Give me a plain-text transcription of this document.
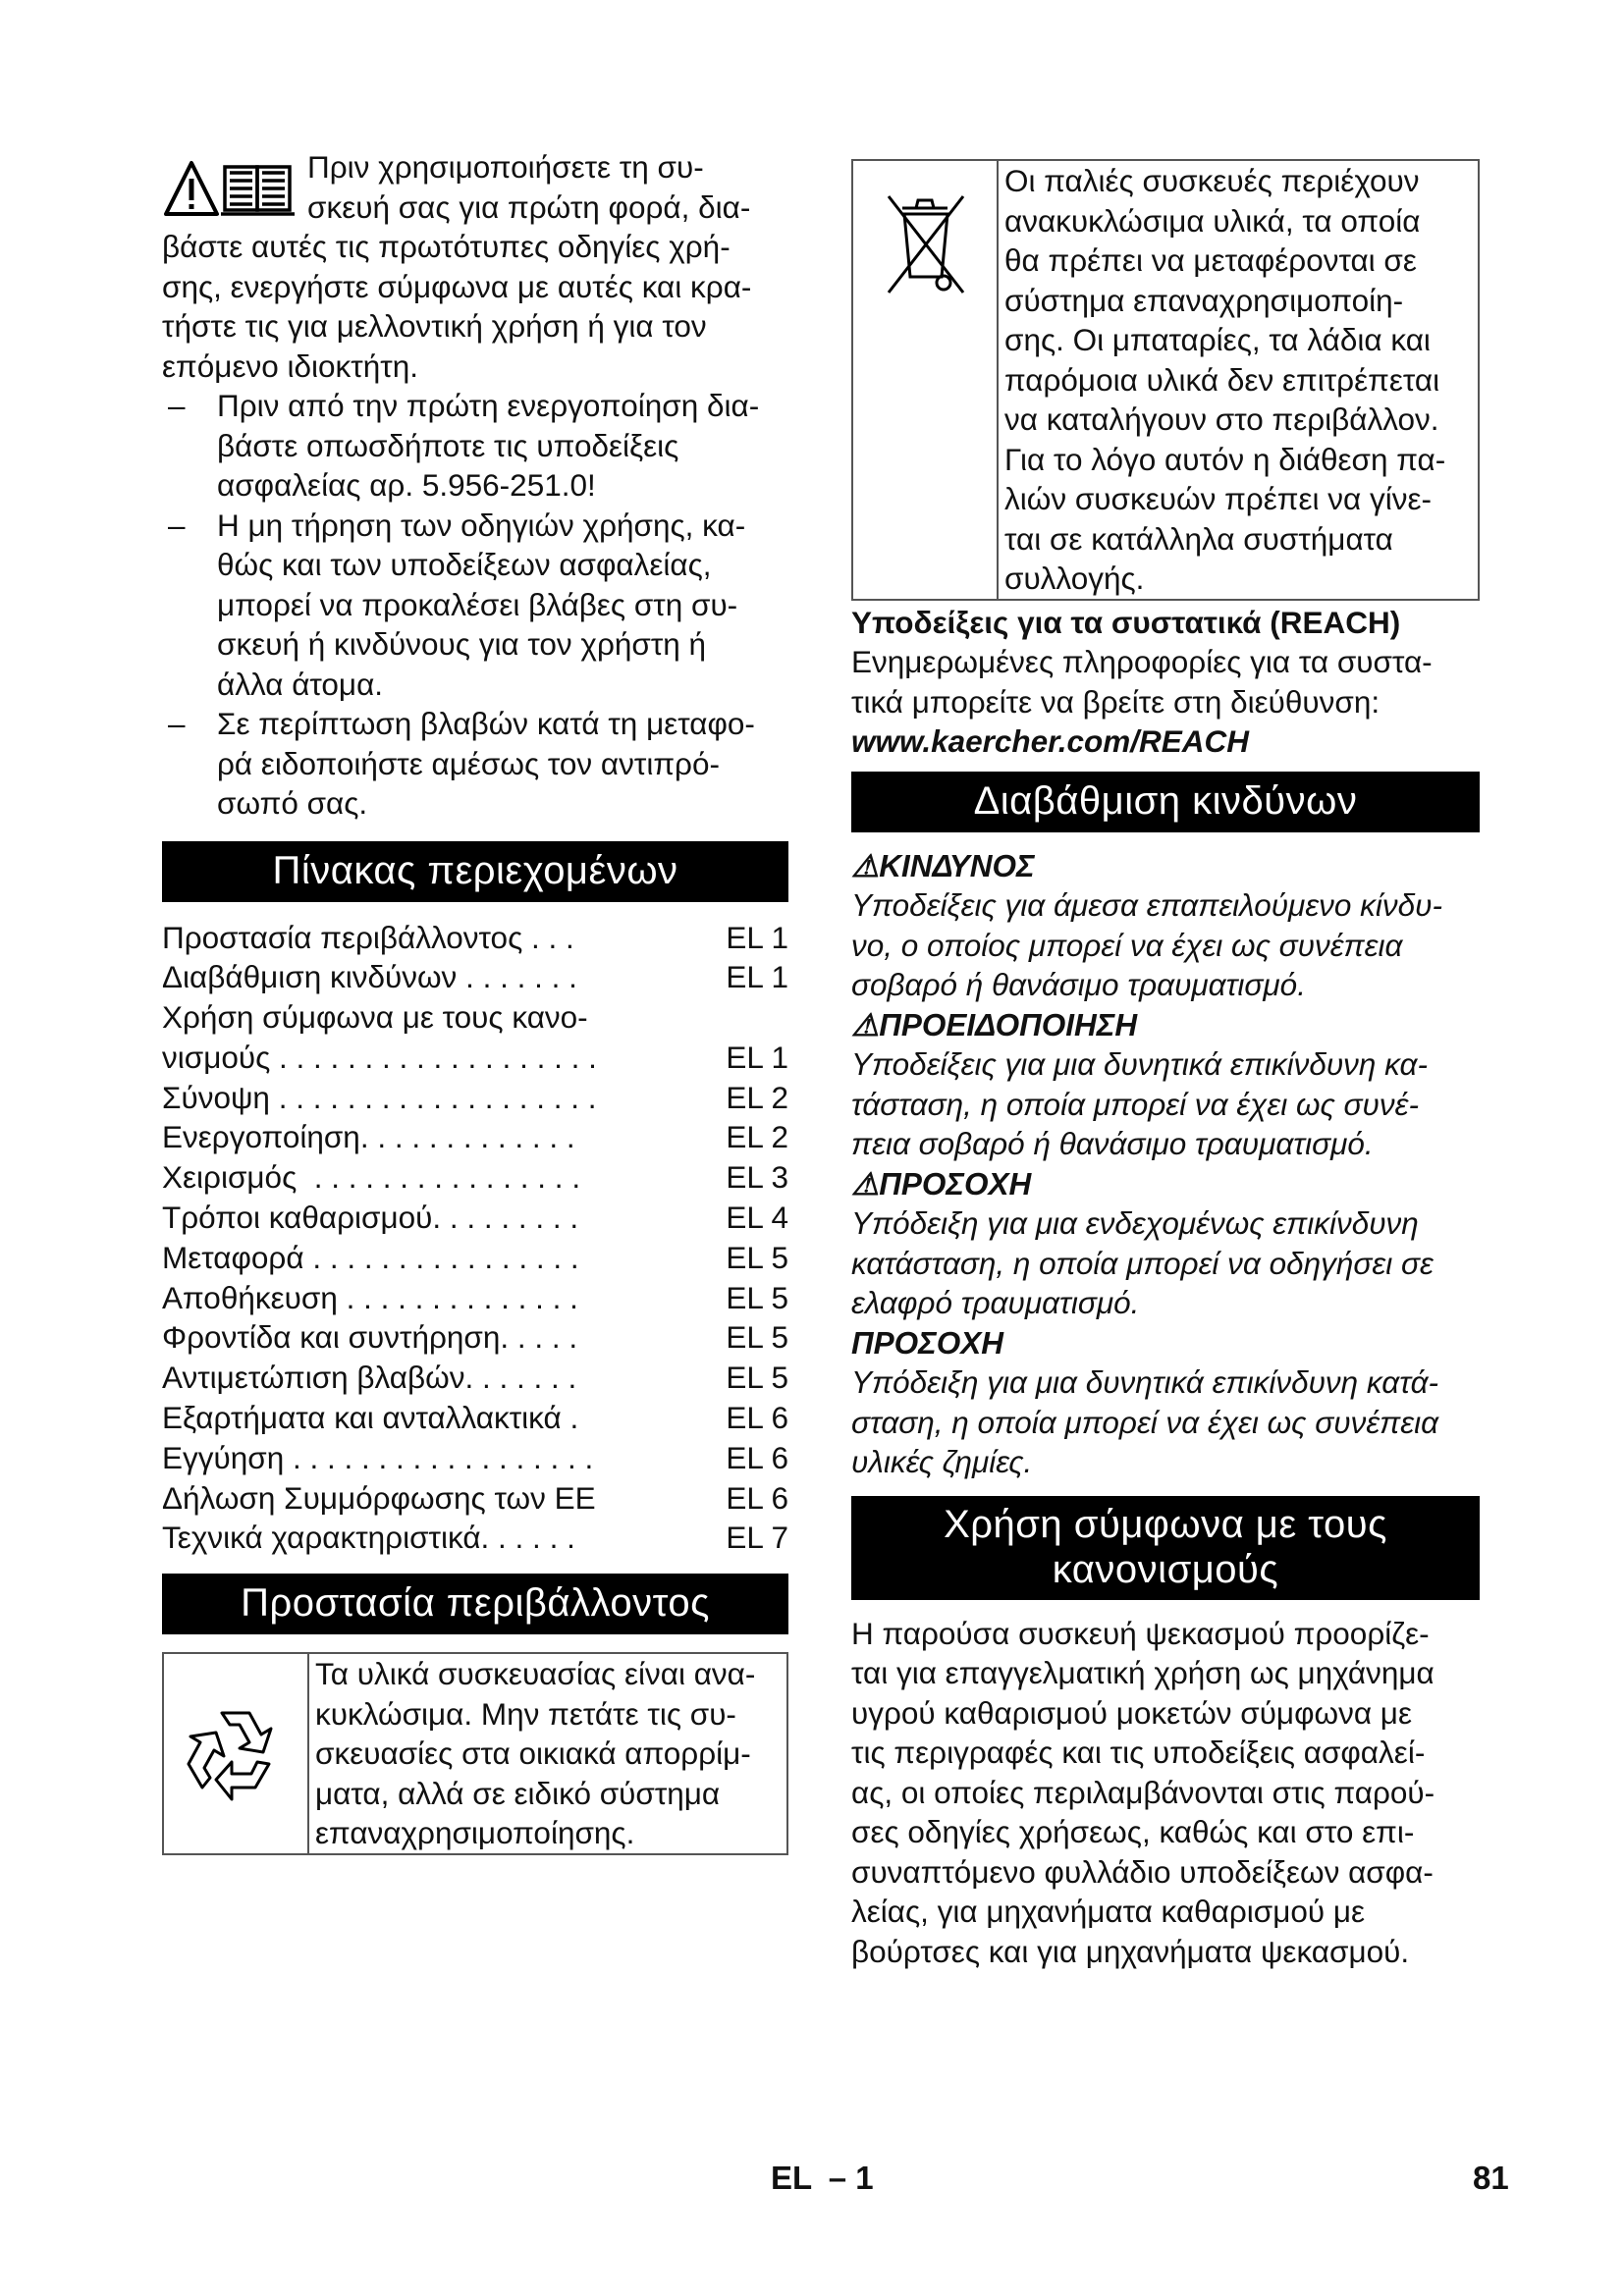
Πριν χρησιμοποιήσετε τη συ-

σκευή σας για πρώτη φορά, δια-

βάστε αυτές τις πρωτότυπες οδηγίες χρή-

σης, ενεργήστε σύμφωνα με αυτές και κρα-

τήστε τις για μελλοντική χρήση ή για τον

επόμενο ιδιοκτήτη.

– Πριν από την πρώτη ενεργοποίηση δια-
βάστε οπωσδήποτε τις υποδείξεις
ασφαλείας αρ. 5.956-251.0!
– Η μη τήρηση των οδηγιών χρήσης, κα-
θώς και των υποδείξεων ασφαλείας,
μπορεί να προκαλέσει βλάβες στη συ-
σκευή ή κινδύνους για τον χρήστη ή
άλλα άτομα.
– Σε περίπτωση βλαβών κατά τη μεταφο-
ρά ειδοποιήστε αμέσως τον αντιπρό-
σωπό σας.
Πίνακας περιεχομένων
Προστασία περιβάλλοντος . . .	EL 1
Διαβάθμιση κινδύνων . . . . . . .	EL 1
Χρήση σύμφωνα με τους κανο-
νισμούς . . . . . . . . . . . . . . . . . . .	EL 1
Σύνοψη . . . . . . . . . . . . . . . . . . .	EL 2
Ενεργοποίηση. . . . . . . . . . . . .	EL 2
Χειρισμός  . . . . . . . . . . . . . . . .	EL 3
Τρόποι καθαρισμού. . . . . . . . .	EL 4
Μεταφορά . . . . . . . . . . . . . . . .	EL 5
Αποθήκευση . . . . . . . . . . . . . .	EL 5
Φροντίδα και συντήρηση. . . . .	EL 5
Αντιμετώπιση βλαβών. . . . . . .	EL 5
Εξαρτήματα και ανταλλακτικά .	EL 6
Εγγύηση . . . . . . . . . . . . . . . . . .	EL 6
Δήλωση Συμμόρφωσης των ΕΕ	EL 6
Τεχνικά χαρακτηριστικά. . . . . .	EL 7
Προστασία περιβάλλοντος
Τα υλικά συσκευασίας είναι ανα-
κυκλώσιμα. Μην πετάτε τις συ-
σκευασίες στα οικιακά απορρίμ-
ματα, αλλά σε ειδικό σύστημα
επαναχρησιμοποίησης.
Οι παλιές συσκευές περιέχουν
ανακυκλώσιμα υλικά, τα οποία
θα πρέπει να μεταφέρονται σε
σύστημα επαναχρησιμοποίη-
σης. Οι μπαταρίες, τα λάδια και
παρόμοια υλικά δεν επιτρέπεται
να καταλήγουν στο περιβάλλον.
Για το λόγο αυτόν η διάθεση πα-
λιών συσκευών πρέπει να γίνε-
ται σε κατάλληλα συστήματα
συλλογής.
Υποδείξεις για τα συστατικά (REACH)
Ενημερωμένες πληροφορίες για τα συστα-
τικά μπορείτε να βρείτε στη διεύθυνση:
www.kaercher.com/REACH
Διαβάθμιση κινδύνων
⚠ΚΙΝΔΥΝΟΣ
Υποδείξεις για άμεσα επαπειλούμενο κίνδυ-
νο, ο οποίος μπορεί να έχει ως συνέπεια
σοβαρό ή θανάσιμο τραυματισμό.
⚠ΠΡΟΕΙΔΟΠΟΙΗΣΗ
Υποδείξεις για μια δυνητικά επικίνδυνη κα-
τάσταση, η οποία μπορεί να έχει ως συνέ-
πεια σοβαρό ή θανάσιμο τραυματισμό.
⚠ΠΡΟΣΟΧΗ
Υπόδειξη για μια ενδεχομένως επικίνδυνη
κατάσταση, η οποία μπορεί να οδηγήσει σε
ελαφρό τραυματισμό.
ΠΡΟΣΟΧΗ
Υπόδειξη για μια δυνητικά επικίνδυνη κατά-
σταση, η οποία μπορεί να έχει ως συνέπεια
υλικές ζημίες.
Χρήση σύμφωνα με τους
κανονισμούς
Η παρούσα συσκευή ψεκασμού προορίζε-
ται για επαγγελματική χρήση ως μηχάνημα
υγρού καθαρισμού μοκετών σύμφωνα με
τις περιγραφές και τις υποδείξεις ασφαλεί-
ας, οι οποίες περιλαμβάνονται στις παρού-
σες οδηγίες χρήσεως, καθώς και στο επι-
συναπτόμενο φυλλάδιο υποδείξεων ασφα-
λείας, για μηχανήματα καθαρισμού με
βούρτσες και για μηχανήματα ψεκασμού.
EL – 1	81
